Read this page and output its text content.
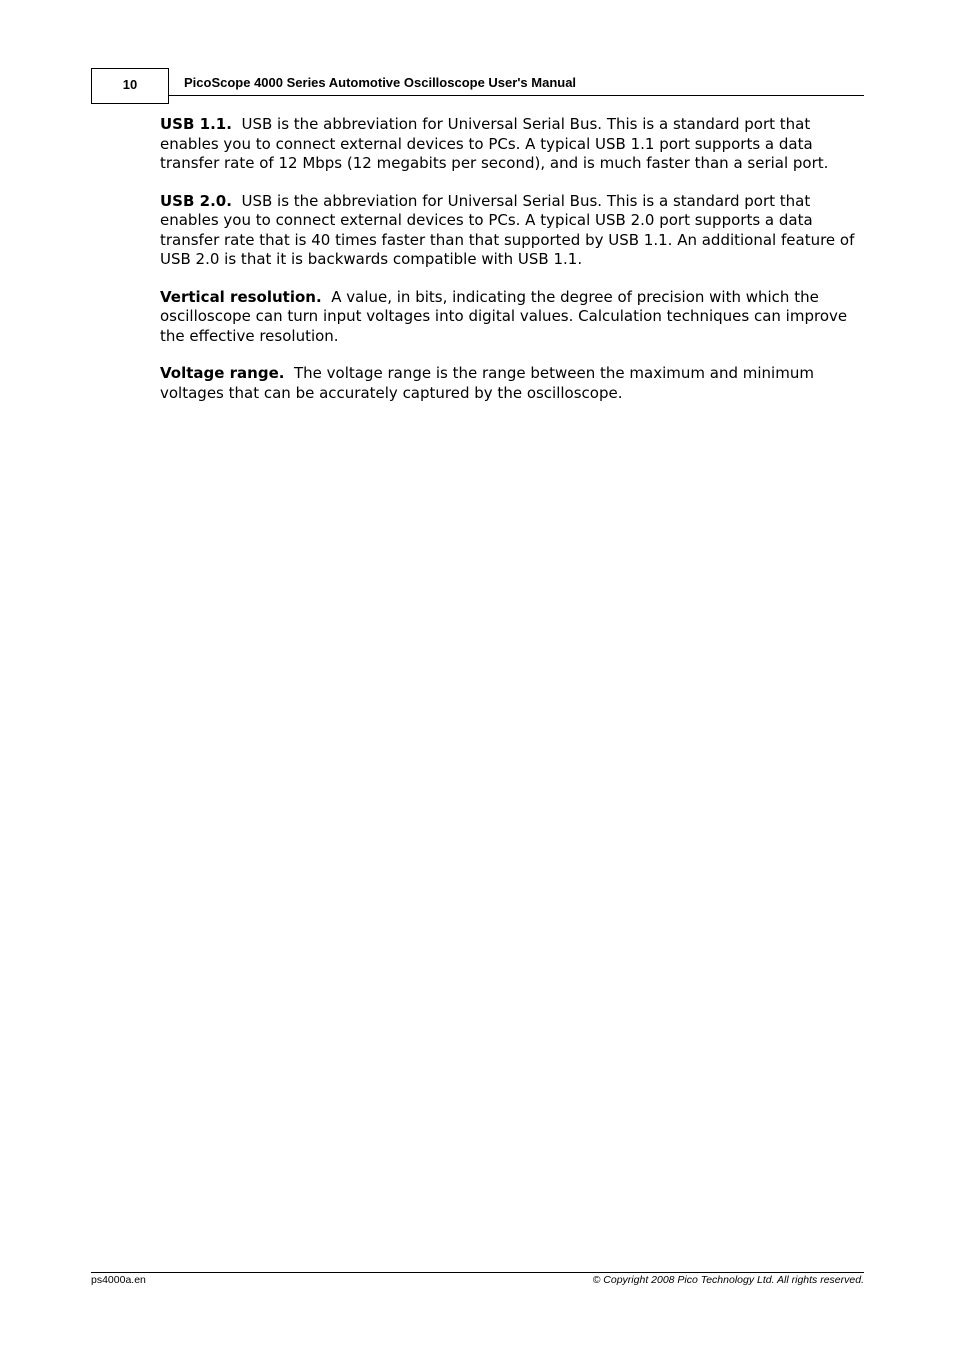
10	PicoScope 4000 Series Automotive Oscilloscope User's Manual

USB 1.1. USB is the abbreviation for Universal Serial Bus. This is a standard port that enables you to connect external devices to PCs. A typical USB 1.1 port supports a data transfer rate of 12 Mbps (12 megabits per second), and is much faster than a serial port.

USB 2.0. USB is the abbreviation for Universal Serial Bus. This is a standard port that enables you to connect external devices to PCs. A typical USB 2.0 port supports a data transfer rate that is 40 times faster than that supported by USB 1.1. An additional feature of USB 2.0 is that it is backwards compatible with USB 1.1.

Vertical resolution. A value, in bits, indicating the degree of precision with which the oscilloscope can turn input voltages into digital values. Calculation techniques can improve the effective resolution.

Voltage range. The voltage range is the range between the maximum and minimum voltages that can be accurately captured by the oscilloscope.

ps4000a.en	© Copyright 2008 Pico Technology Ltd. All rights reserved.
